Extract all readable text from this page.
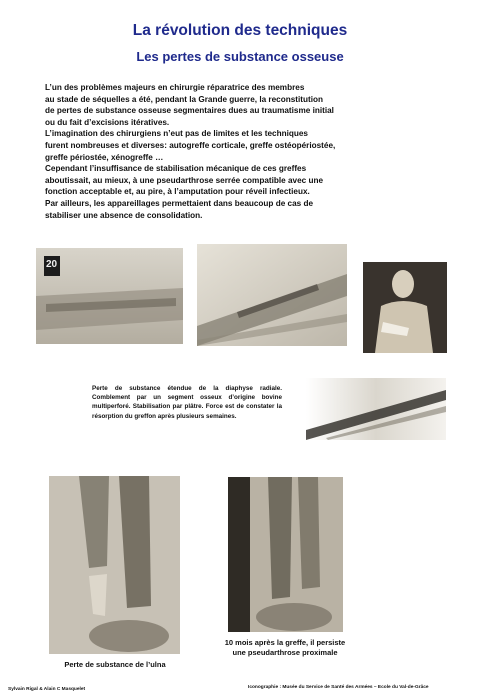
La révolution des techniques
Les pertes de substance osseuse

L’un des problèmes majeurs en chirurgie réparatrice des membres

au stade de séquelles a été, pendant la Grande guerre, la reconstitution

de pertes de substance osseuse segmentaires dues au traumatisme initial

ou du fait d’excisions itératives.

L’imagination des chirurgiens n’eut pas de limites et les techniques

furent nombreuses et diverses: autogreffe corticale, greffe ostéopériostée,

greffe périostée, xénogreffe …

Cependant l’insuffisance de stabilisation mécanique de ces greffes

aboutissait, au mieux, à une pseudarthrose serrée compatible avec une

fonction acceptable et, au pire, à l’amputation pour réveil infectieux.

Par ailleurs, les appareillages permettaient dans beaucoup de cas de

stabiliser une absence de consolidation.

20
Perte de substance étendue de la diaphyse radiale. Comblement par un segment osseux d’origine bovine multiperforé. Stabilisation par plâtre. Force est de constater la résorption du greffon après plusieurs semaines.
Perte de substance de l’ulna
10 mois après la greffe, il persiste
une pseudarthrose proximale
Sylvain Rigal & Alain C Masquelet	Iconographie : Musée du Service de Santé des Armées – Ecole du Val-de-Grâce
